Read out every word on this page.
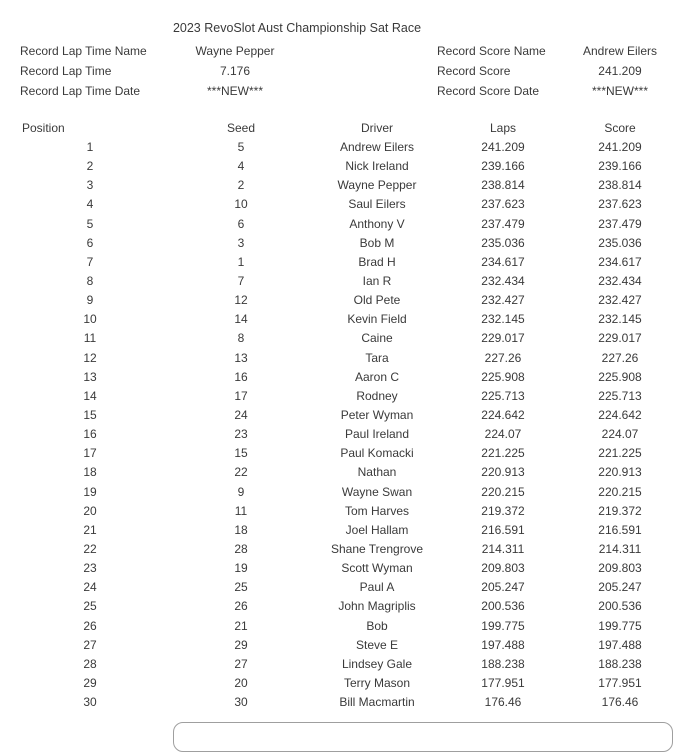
2023 RevoSlot Aust Championship Sat Race
Record Lap Time Name	Wayne Pepper	Record Score Name	Andrew Eilers
Record Lap Time	7.176	Record Score	241.209
Record Lap Time Date	***NEW***	Record Score Date	***NEW***
Position	Seed	Driver	Laps	Score
1	5	Andrew Eilers	241.209	241.209
2	4	Nick Ireland	239.166	239.166
3	2	Wayne Pepper	238.814	238.814
4	10	Saul Eilers	237.623	237.623
5	6	Anthony V	237.479	237.479
6	3	Bob M	235.036	235.036
7	1	Brad H	234.617	234.617
8	7	Ian R	232.434	232.434
9	12	Old Pete	232.427	232.427
10	14	Kevin Field	232.145	232.145
11	8	Caine	229.017	229.017
12	13	Tara	227.26	227.26
13	16	Aaron C	225.908	225.908
14	17	Rodney	225.713	225.713
15	24	Peter Wyman	224.642	224.642
16	23	Paul Ireland	224.07	224.07
17	15	Paul Komacki	221.225	221.225
18	22	Nathan	220.913	220.913
19	9	Wayne Swan	220.215	220.215
20	11	Tom Harves	219.372	219.372
21	18	Joel Hallam	216.591	216.591
22	28	Shane Trengrove	214.311	214.311
23	19	Scott Wyman	209.803	209.803
24	25	Paul A	205.247	205.247
25	26	John Magriplis	200.536	200.536
26	21	Bob	199.775	199.775
27	29	Steve E	197.488	197.488
28	27	Lindsey Gale	188.238	188.238
29	20	Terry Mason	177.951	177.951
30	30	Bill Macmartin	176.46	176.46
